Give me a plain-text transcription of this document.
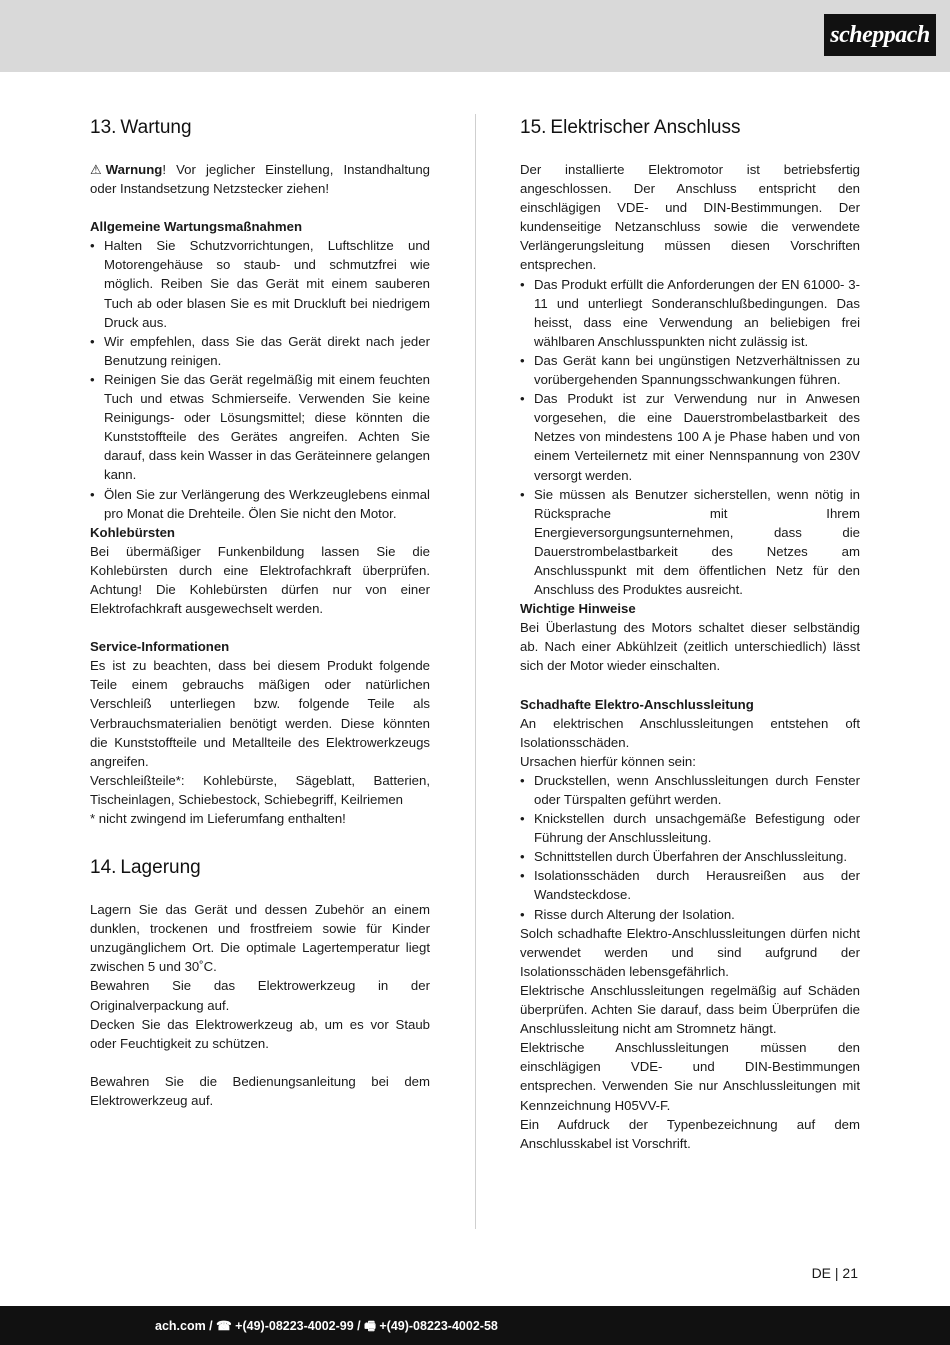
scheppach
13. Wartung

⚠ Warnung! Vor jeglicher Einstellung, Instandhaltung oder Instandsetzung Netzstecker ziehen!

Allgemeine Wartungsmaßnahmen

• Halten Sie Schutzvorrichtungen, Luftschlitze und Motorengehäuse so staub- und schmutzfrei wie möglich. Reiben Sie das Gerät mit einem sauberen Tuch ab oder blasen Sie es mit Druckluft bei niedrigem Druck aus.
• Wir empfehlen, dass Sie das Gerät direkt nach jeder Benutzung reinigen.
• Reinigen Sie das Gerät regelmäßig mit einem feuchten Tuch und etwas Schmierseife. Verwenden Sie keine Reinigungs- oder Lösungsmittel; diese könnten die Kunststoffteile des Gerätes angreifen. Achten Sie darauf, dass kein Wasser in das Geräteinnere gelangen kann.
• Ölen Sie zur Verlängerung des Werkzeuglebens einmal pro Monat die Drehteile. Ölen Sie nicht den Motor.

Kohlebürsten

Bei übermäßiger Funkenbildung lassen Sie die Kohlebürsten durch eine Elektrofachkraft überprüfen. Achtung! Die Kohlebürsten dürfen nur von einer Elektrofachkraft ausgewechselt werden.

Service-Informationen

Es ist zu beachten, dass bei diesem Produkt folgende Teile einem gebrauchs mäßigen oder natürlichen Verschleiß unterliegen bzw. folgende Teile als Verbrauchsmaterialien benötigt werden. Diese könnten die Kunststoffteile und Metallteile des Elektrowerkzeugs angreifen.

Verschleißteile*: Kohlebürste, Sägeblatt, Batterien, Tischeinlagen, Schiebestock, Schiebegriff, Keilriemen

* nicht zwingend im Lieferumfang enthalten!

14. Lagerung

Lagern Sie das Gerät und dessen Zubehör an einem dunklen, trockenen und frostfreiem sowie für Kinder unzugänglichem Ort. Die optimale Lagertemperatur liegt zwischen 5 und 30˚C.

Bewahren Sie das Elektrowerkzeug in der Originalverpackung auf.

Decken Sie das Elektrowerkzeug ab, um es vor Staub oder Feuchtigkeit zu schützen.

Bewahren Sie die Bedienungsanleitung bei dem Elektrowerkzeug auf.

15. Elektrischer Anschluss

Der installierte Elektromotor ist betriebsfertig angeschlossen. Der Anschluss entspricht den einschlägigen VDE- und DIN-Bestimmungen. Der kundenseitige Netzanschluss sowie die verwendete Verlängerungsleitung müssen diesen Vorschriften entsprechen.

• Das Produkt erfüllt die Anforderungen der EN 61000- 3-11 und unterliegt Sonderanschlußbedingungen. Das heisst, dass eine Verwendung an beliebigen frei wählbaren Anschlusspunkten nicht zulässig ist.
• Das Gerät kann bei ungünstigen Netzverhältnissen zu vorübergehenden Spannungsschwankungen führen.
• Das Produkt ist zur Verwendung nur in Anwesen vorgesehen, die eine Dauerstrombelastbarkeit des Netzes von mindestens 100 A je Phase haben und von einem Verteilernetz mit einer Nennspannung von 230V versorgt werden.
• Sie müssen als Benutzer sicherstellen, wenn nötig in Rücksprache mit Ihrem Energieversorgungsunternehmen, dass die Dauerstrombelastbarkeit des Netzes am Anschlusspunkt mit dem öffentlichen Netz für den Anschluss des Produktes ausreicht.

Wichtige Hinweise

Bei Überlastung des Motors schaltet dieser selbständig ab. Nach einer Abkühlzeit (zeitlich unterschiedlich) lässt sich der Motor wieder einschalten.

Schadhafte Elektro-Anschlussleitung

An elektrischen Anschlussleitungen entstehen oft Isolationsschäden.

Ursachen hierfür können sein:

• Druckstellen, wenn Anschlussleitungen durch Fenster oder Türspalten geführt werden.
• Knickstellen durch unsachgemäße Befestigung oder Führung der Anschlussleitung.
• Schnittstellen durch Überfahren der Anschlussleitung.
• Isolationsschäden durch Herausreißen aus der Wandsteckdose.
• Risse durch Alterung der Isolation.

Solch schadhafte Elektro-Anschlussleitungen dürfen nicht verwendet werden und sind aufgrund der Isolationsschäden lebensgefährlich.

Elektrische Anschlussleitungen regelmäßig auf Schäden überprüfen. Achten Sie darauf, dass beim Überprüfen die Anschlussleitung nicht am Stromnetz hängt.

Elektrische Anschlussleitungen müssen den einschlägigen VDE- und DIN-Bestimmungen entsprechen. Verwenden Sie nur Anschlussleitungen mit Kennzeichnung H05VV-F.

Ein Aufdruck der Typenbezeichnung auf dem Anschlusskabel ist Vorschrift.

DE | 21
ach.com / ☎ +(49)-08223-4002-99 / 🖷 +(49)-08223-4002-58
